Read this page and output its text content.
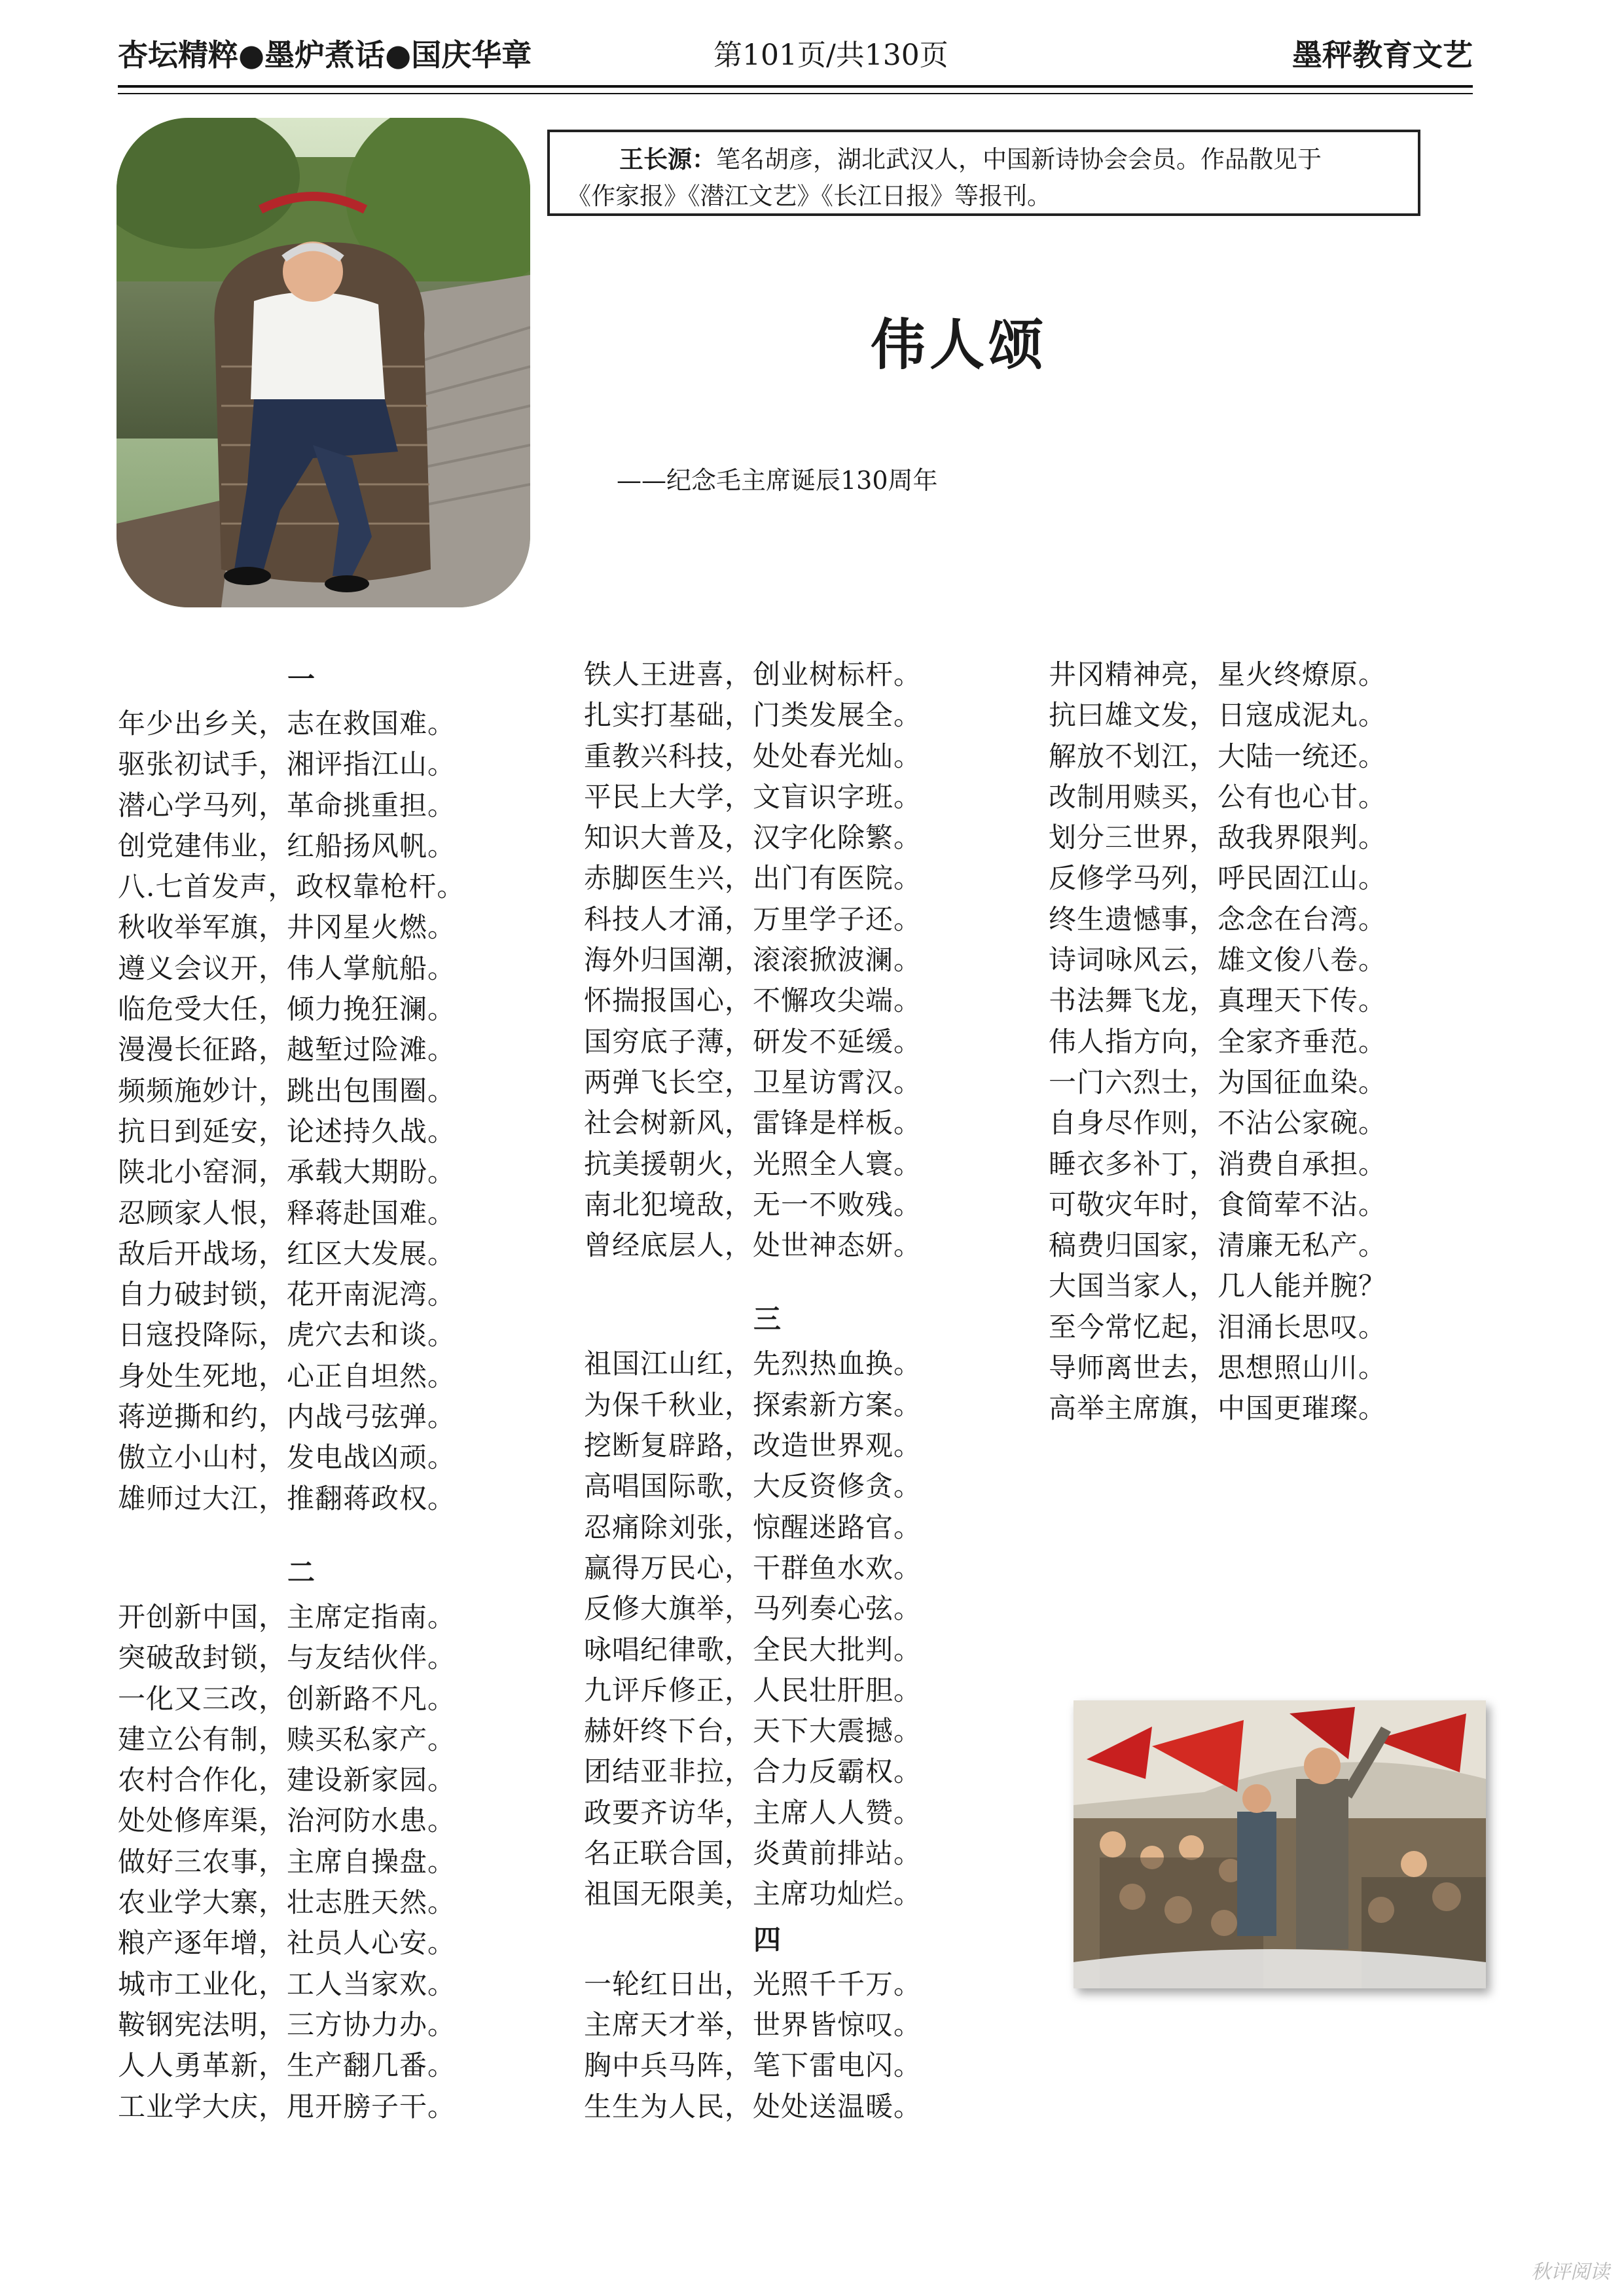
杏坛精粹●墨炉煮话●国庆华章	第101页/共130页	墨秤教育文艺
王长源：笔名胡彦，湖北武汉人，中国新诗协会会员。作品散见于
《作家报》《潜江文艺》《长江日报》等报刊。
伟人颂
——纪念毛主席诞辰130周年
一
年少出乡关，志在救国难。
驱张初试手，湘评指江山。
潜心学马列，革命挑重担。
创党建伟业，红船扬风帆。
八.七首发声，政权靠枪杆。
秋收举军旗，井冈星火燃。
遵义会议开，伟人掌航船。
临危受大任，倾力挽狂澜。
漫漫长征路，越堑过险滩。
频频施妙计，跳出包围圈。
抗日到延安，论述持久战。
陕北小窑洞，承载大期盼。
忍顾家人恨，释蒋赴国难。
敌后开战场，红区大发展。
自力破封锁，花开南泥湾。
日寇投降际，虎穴去和谈。
身处生死地，心正自坦然。
蒋逆撕和约，内战弓弦弹。
傲立小山村，发电战凶顽。
雄师过大江，推翻蒋政权。
二
开创新中国，主席定指南。
突破敌封锁，与友结伙伴。
一化又三改，创新路不凡。
建立公有制，赎买私家产。
农村合作化，建设新家园。
处处修库渠，治河防水患。
做好三农事，主席自操盘。
农业学大寨，壮志胜天然。
粮产逐年增，社员人心安。
城市工业化，工人当家欢。
鞍钢宪法明，三方协力办。
人人勇革新，生产翻几番。
工业学大庆，甩开膀子干。
铁人王进喜，创业树标杆。
扎实打基础，门类发展全。
重教兴科技，处处春光灿。
平民上大学，文盲识字班。
知识大普及，汉字化除繁。
赤脚医生兴，出门有医院。
科技人才涌，万里学子还。
海外归国潮，滚滚掀波澜。
怀揣报国心，不懈攻尖端。
国穷底子薄，研发不延缓。
两弹飞长空，卫星访霄汉。
社会树新风，雷锋是样板。
抗美援朝火，光照全人寰。
南北犯境敌，无一不败残。
曾经底层人，处世神态妍。
三
祖国江山红，先烈热血换。
为保千秋业，探索新方案。
挖断复辟路，改造世界观。
高唱国际歌，大反资修贪。
忍痛除刘张，惊醒迷路官。
赢得万民心，干群鱼水欢。
反修大旗举，马列奏心弦。
咏唱纪律歌，全民大批判。
九评斥修正，人民壮肝胆。
赫奸终下台，天下大震撼。
团结亚非拉，合力反霸权。
政要齐访华，主席人人赞。
名正联合国，炎黄前排站。
祖国无限美，主席功灿烂。
四
一轮红日出，光照千千万。
主席天才举，世界皆惊叹。
胸中兵马阵，笔下雷电闪。
生生为人民，处处送温暖。
井冈精神亮，星火终燎原。
抗曰雄文发，日寇成泥丸。
解放不划江，大陆一统还。
改制用赎买，公有也心甘。
划分三世界，敌我界限判。
反修学马列，呼民固江山。
终生遗憾事，念念在台湾。
诗词咏风云，雄文俊八卷。
书法舞飞龙，真理天下传。
伟人指方向，全家齐垂范。
一门六烈士，为国征血染。
自身尽作则，不沾公家碗。
睡衣多补丁，消费自承担。
可敬灾年时，食简荤不沾。
稿费归国家，清廉无私产。
大国当家人，几人能并腕？
至今常忆起，泪涌长思叹。
导师离世去，思想照山川。
高举主席旗，中国更璀璨。
秋评阅读
